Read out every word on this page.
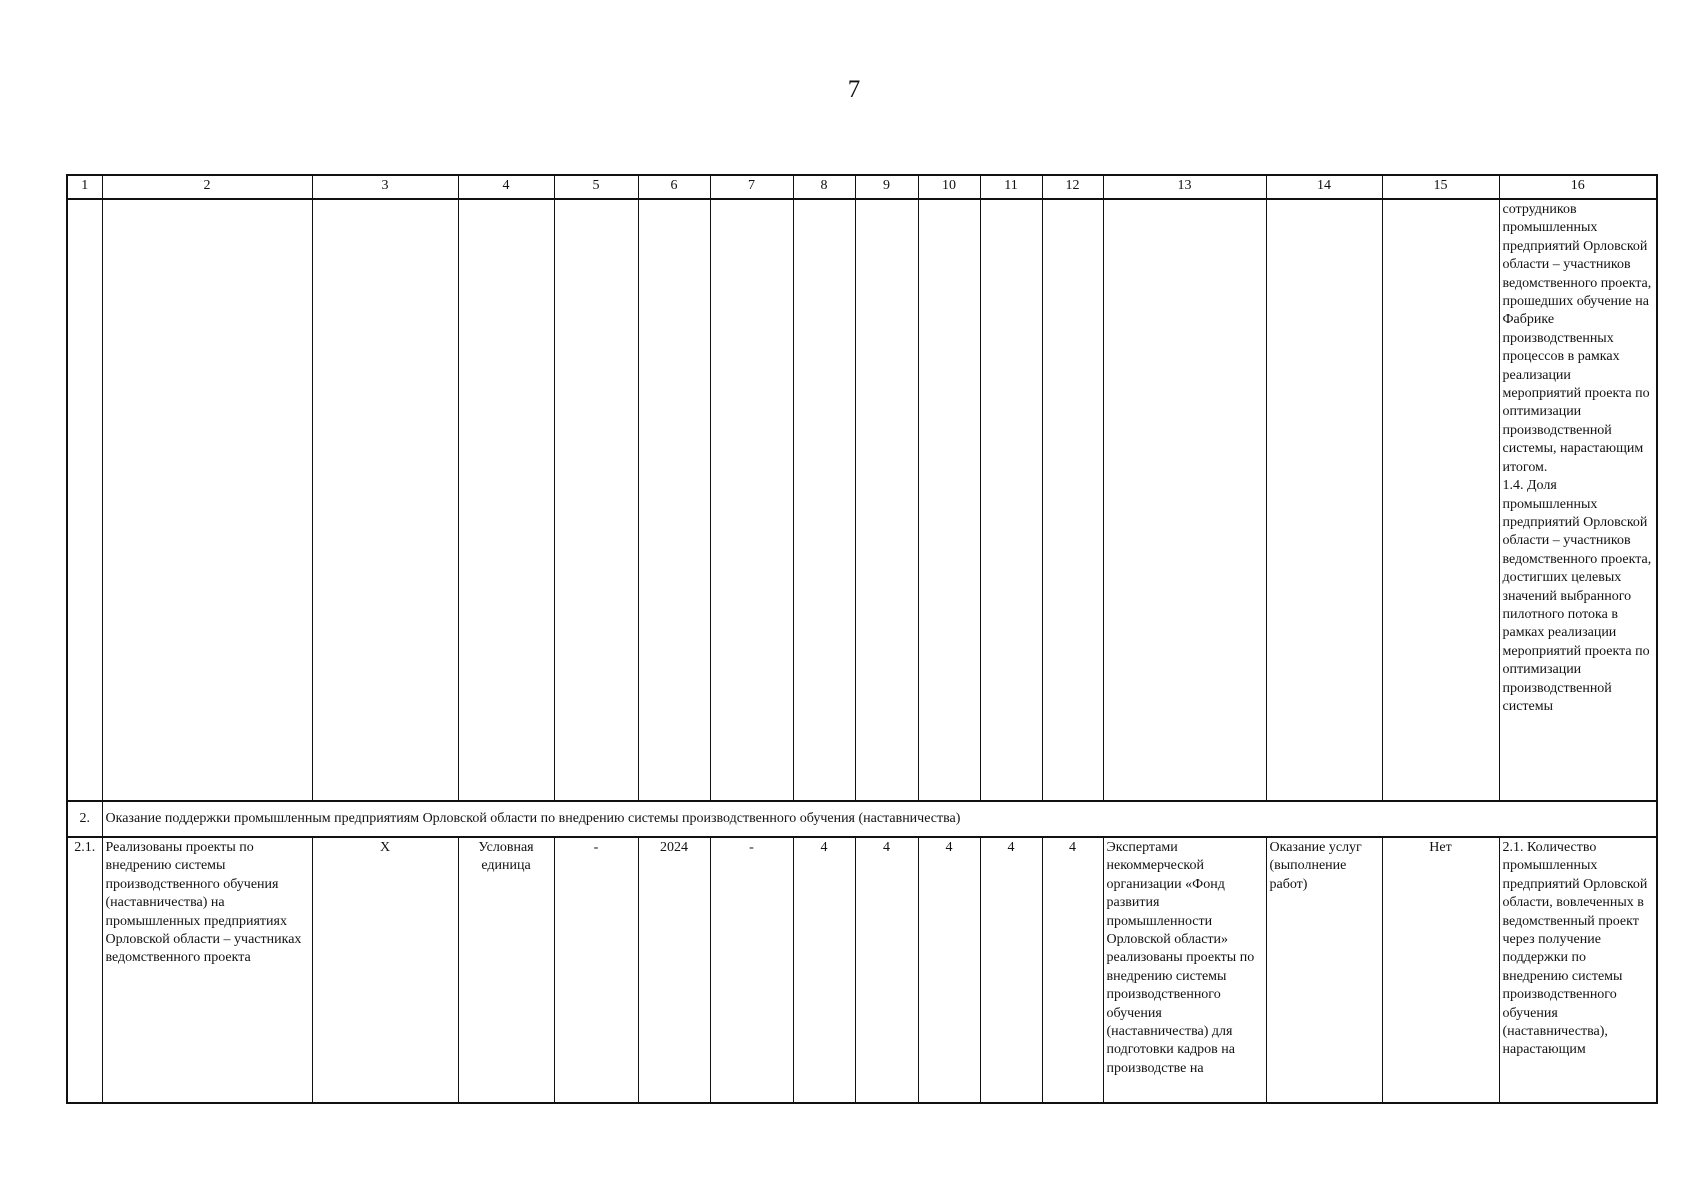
7
1	2	3	4	5	6	7	8	9	10	11	12	13	14	15	16
															сотрудников промышленных предприятий Орловской области – участников ведомственного проекта, прошедших обучение на Фабрике производственных процессов в рамках реализации мероприятий проекта по оптимизации производственной системы, нарастающим итогом.
1.4. Доля промышленных предприятий Орловской области – участников ведомственного проекта, достигших целевых значений выбранного пилотного потока в рамках реализации мероприятий проекта по оптимизации производственной системы
2.	Оказание поддержки промышленным предприятиям Орловской области по внедрению системы производственного обучения (наставничества)														
2.1.	Реализованы проекты по внедрению системы производственного обучения (наставничества) на промышленных предприятиях Орловской области – участниках ведомственного проекта	X	Условная единица	-	2024	-	4	4	4	4	4	Экспертами некоммерческой организации «Фонд развития промышленности Орловской области» реализованы проекты по внедрению системы производственного обучения (наставничества) для подготовки кадров на производстве на	Оказание услуг (выполнение работ)	Нет	2.1. Количество промышленных предприятий Орловской области, вовлеченных в ведомственный проект через получение поддержки по внедрению системы производственного обучения (наставничества), нарастающим
